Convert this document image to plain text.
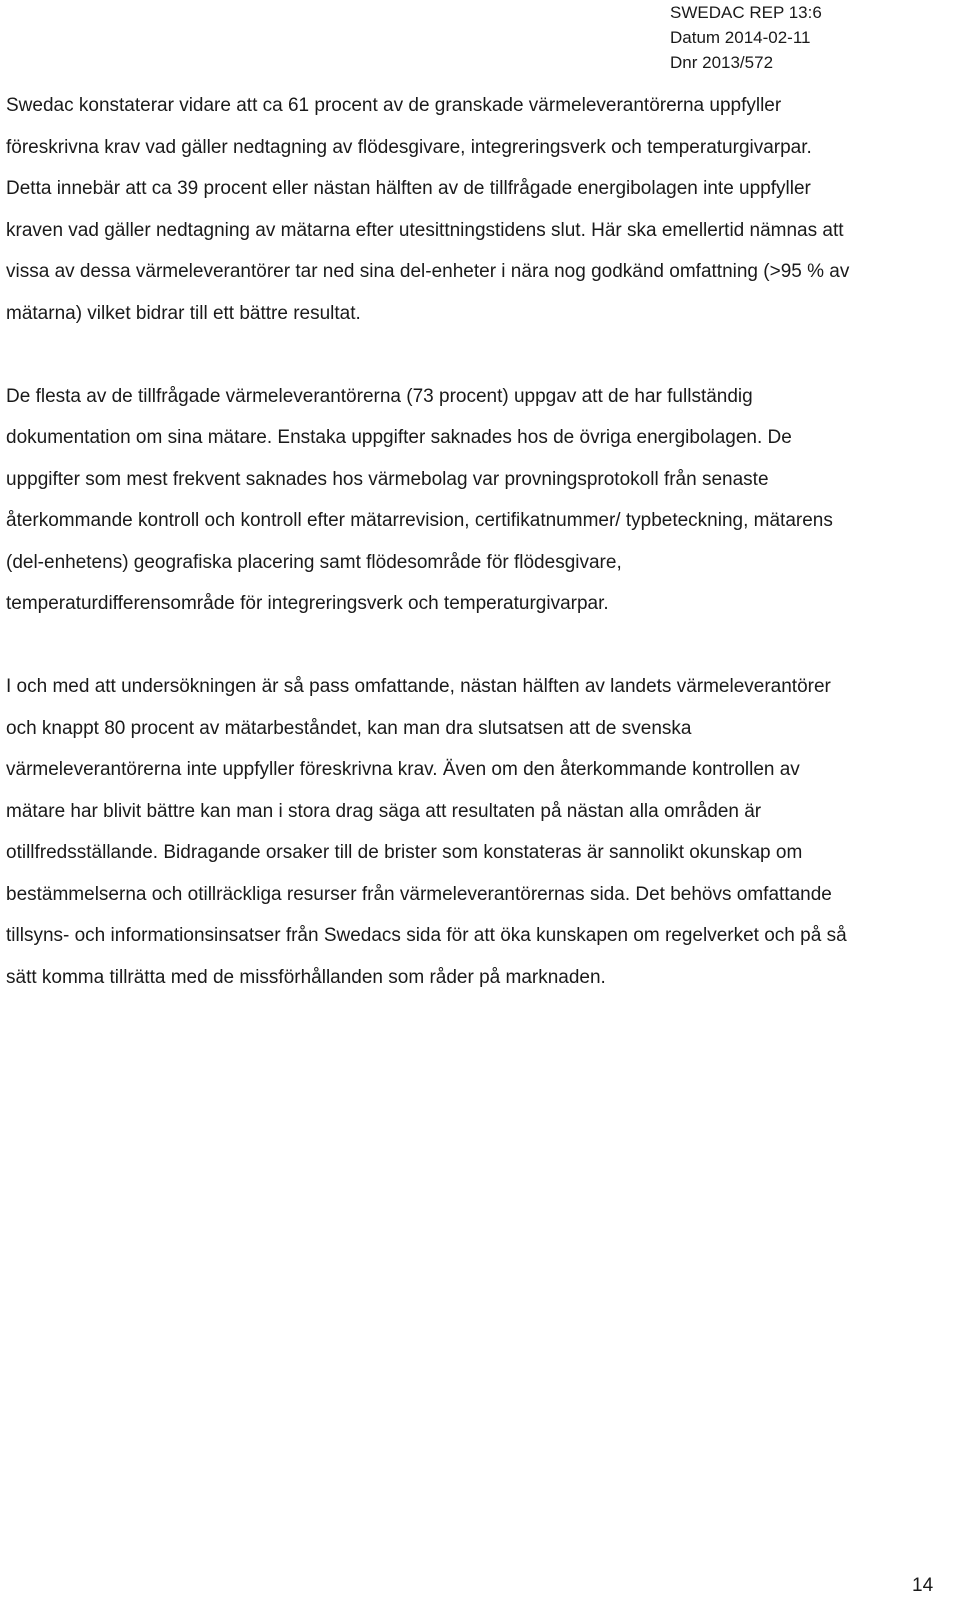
SWEDAC REP 13:6
Datum 2014-02-11
Dnr 2013/572
Swedac konstaterar vidare att ca 61 procent av de granskade värmeleverantörerna uppfyller
föreskrivna krav vad gäller nedtagning av flödesgivare, integreringsverk och temperaturgivarpar.
Detta innebär att ca 39 procent eller nästan hälften av de tillfrågade energibolagen inte uppfyller
kraven vad gäller nedtagning av mätarna efter utesittningstidens slut. Här ska emellertid nämnas att
vissa av dessa värmeleverantörer tar ned sina del-enheter i nära nog godkänd omfattning (>95 % av
mätarna) vilket bidrar till ett bättre resultat.
De flesta av de tillfrågade värmeleverantörerna (73 procent) uppgav att de har fullständig
dokumentation om sina mätare. Enstaka uppgifter saknades hos de övriga energibolagen. De
uppgifter som mest frekvent saknades hos värmebolag var provningsprotokoll från senaste
återkommande kontroll och kontroll efter mätarrevision, certifikatnummer/ typbeteckning, mätarens
(del-enhetens) geografiska placering samt flödesområde för flödesgivare,
temperaturdifferensområde för integreringsverk och temperaturgivarpar.
I och med att undersökningen är så pass omfattande, nästan hälften av landets värmeleverantörer
och knappt 80 procent av mätarbeståndet, kan man dra slutsatsen att de svenska
värmeleverantörerna inte uppfyller föreskrivna krav. Även om den återkommande kontrollen av
mätare har blivit bättre kan man i stora drag säga att resultaten på nästan alla områden är
otillfredsställande. Bidragande orsaker till de brister som konstateras är sannolikt okunskap om
bestämmelserna och otillräckliga resurser från värmeleverantörernas sida. Det behövs omfattande
tillsyns- och informationsinsatser från Swedacs sida för att öka kunskapen om regelverket och på så
sätt komma tillrätta med de missförhållanden som råder på marknaden.
14
